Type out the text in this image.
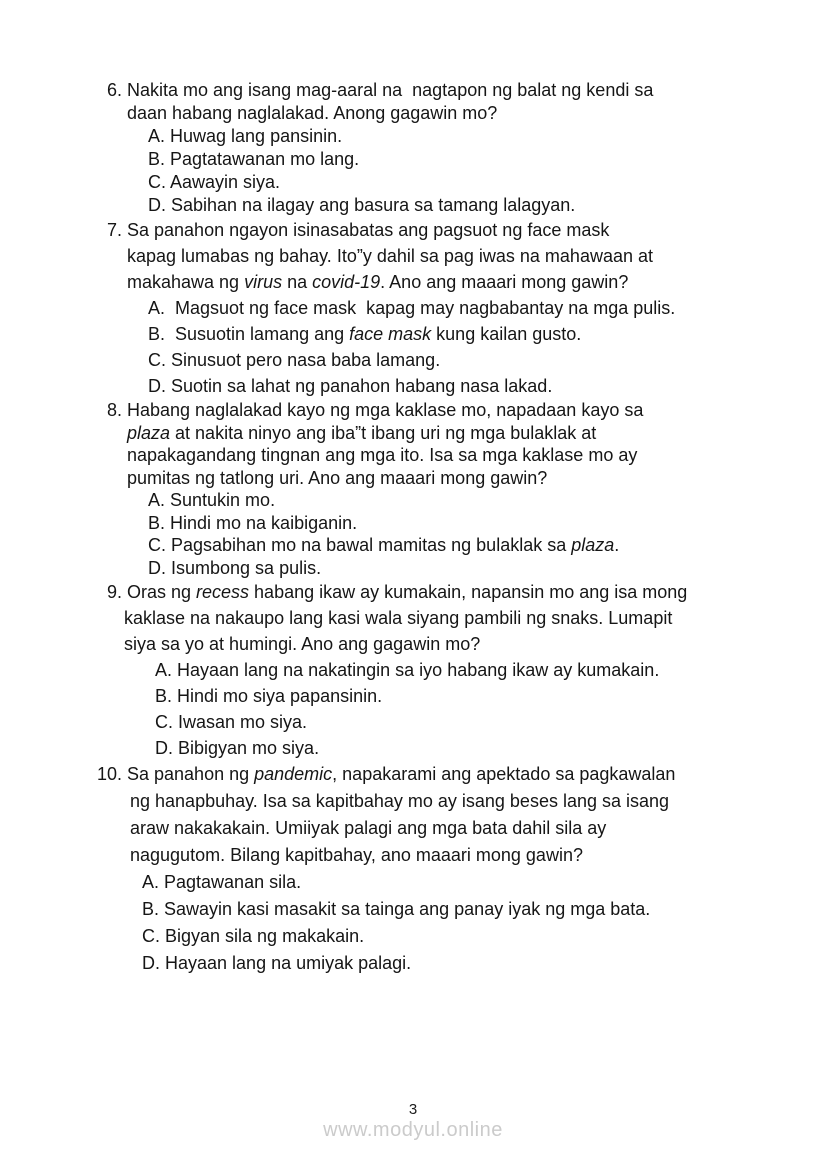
6. Nakita mo ang isang mag-aaral na  nagtapon ng balat ng kendi sa
daan habang naglalakad. Anong gagawin mo?
A. Huwag lang pansinin.
B. Pagtatawanan mo lang.
C. Aawayin siya.
D. Sabihan na ilagay ang basura sa tamang lalagyan.
7. Sa panahon ngayon isinasabatas ang pagsuot ng face mask
kapag lumabas ng bahay. Ito”y dahil sa pag iwas na mahawaan at
makahawa ng virus na covid-19. Ano ang maaari mong gawin?
A.  Magsuot ng face mask  kapag may nagbabantay na mga pulis.
B.  Susuotin lamang ang face mask kung kailan gusto.
C. Sinusuot pero nasa baba lamang.
D. Suotin sa lahat ng panahon habang nasa lakad.
8. Habang naglalakad kayo ng mga kaklase mo, napadaan kayo sa
plaza at nakita ninyo ang iba”t ibang uri ng mga bulaklak at
napakagandang tingnan ang mga ito. Isa sa mga kaklase mo ay
pumitas ng tatlong uri. Ano ang maaari mong gawin?
A. Suntukin mo.
B. Hindi mo na kaibiganin.
C. Pagsabihan mo na bawal mamitas ng bulaklak sa plaza.
D. Isumbong sa pulis.
9. Oras ng recess habang ikaw ay kumakain, napansin mo ang isa mong
kaklase na nakaupo lang kasi wala siyang pambili ng snaks. Lumapit
siya sa yo at humingi. Ano ang gagawin mo?
A. Hayaan lang na nakatingin sa iyo habang ikaw ay kumakain.
B. Hindi mo siya papansinin.
C. Iwasan mo siya.
D. Bibigyan mo siya.
10. Sa panahon ng pandemic, napakarami ang apektado sa pagkawalan
ng hanapbuhay. Isa sa kapitbahay mo ay isang beses lang sa isang
araw nakakakain. Umiiyak palagi ang mga bata dahil sila ay
nagugutom. Bilang kapitbahay, ano maaari mong gawin?
A. Pagtawanan sila.
B. Sawayin kasi masakit sa tainga ang panay iyak ng mga bata.
C. Bigyan sila ng makakain.
D. Hayaan lang na umiyak palagi.
3
www.modyul.online
